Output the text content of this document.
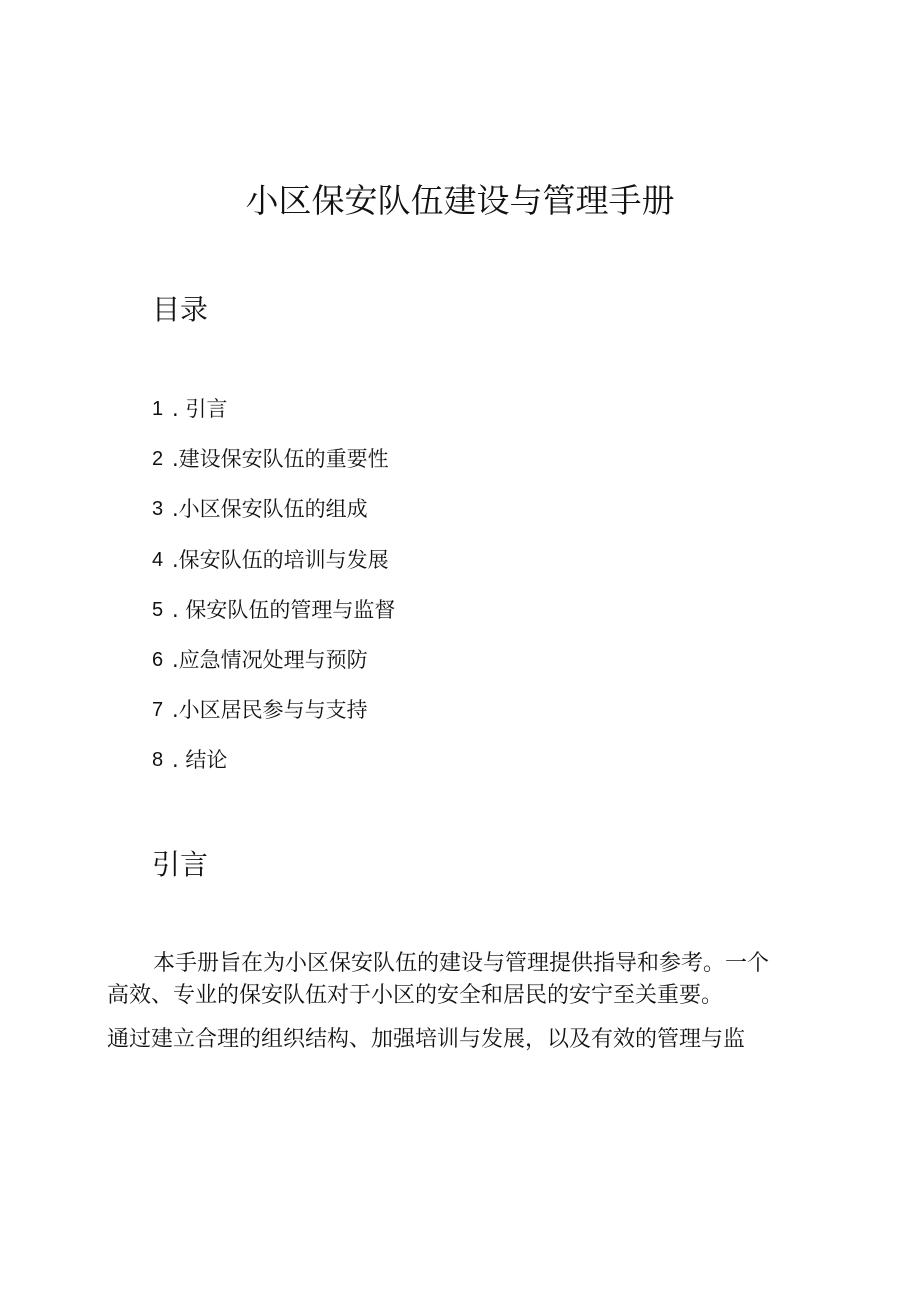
小区保安队伍建设与管理手册
目录
1 . 引言
2 .建设保安队伍的重要性
3 .小区保安队伍的组成
4 .保安队伍的培训与发展
5 . 保安队伍的管理与监督
6 .应急情况处理与预防
7 .小区居民参与与支持
8 . 结论
引言
本手册旨在为小区保安队伍的建设与管理提供指导和参考。一个
高效、专业的保安队伍对于小区的安全和居民的安宁至关重要。
通过建立合理的组织结构、加强培训与发展，以及有效的管理与监
